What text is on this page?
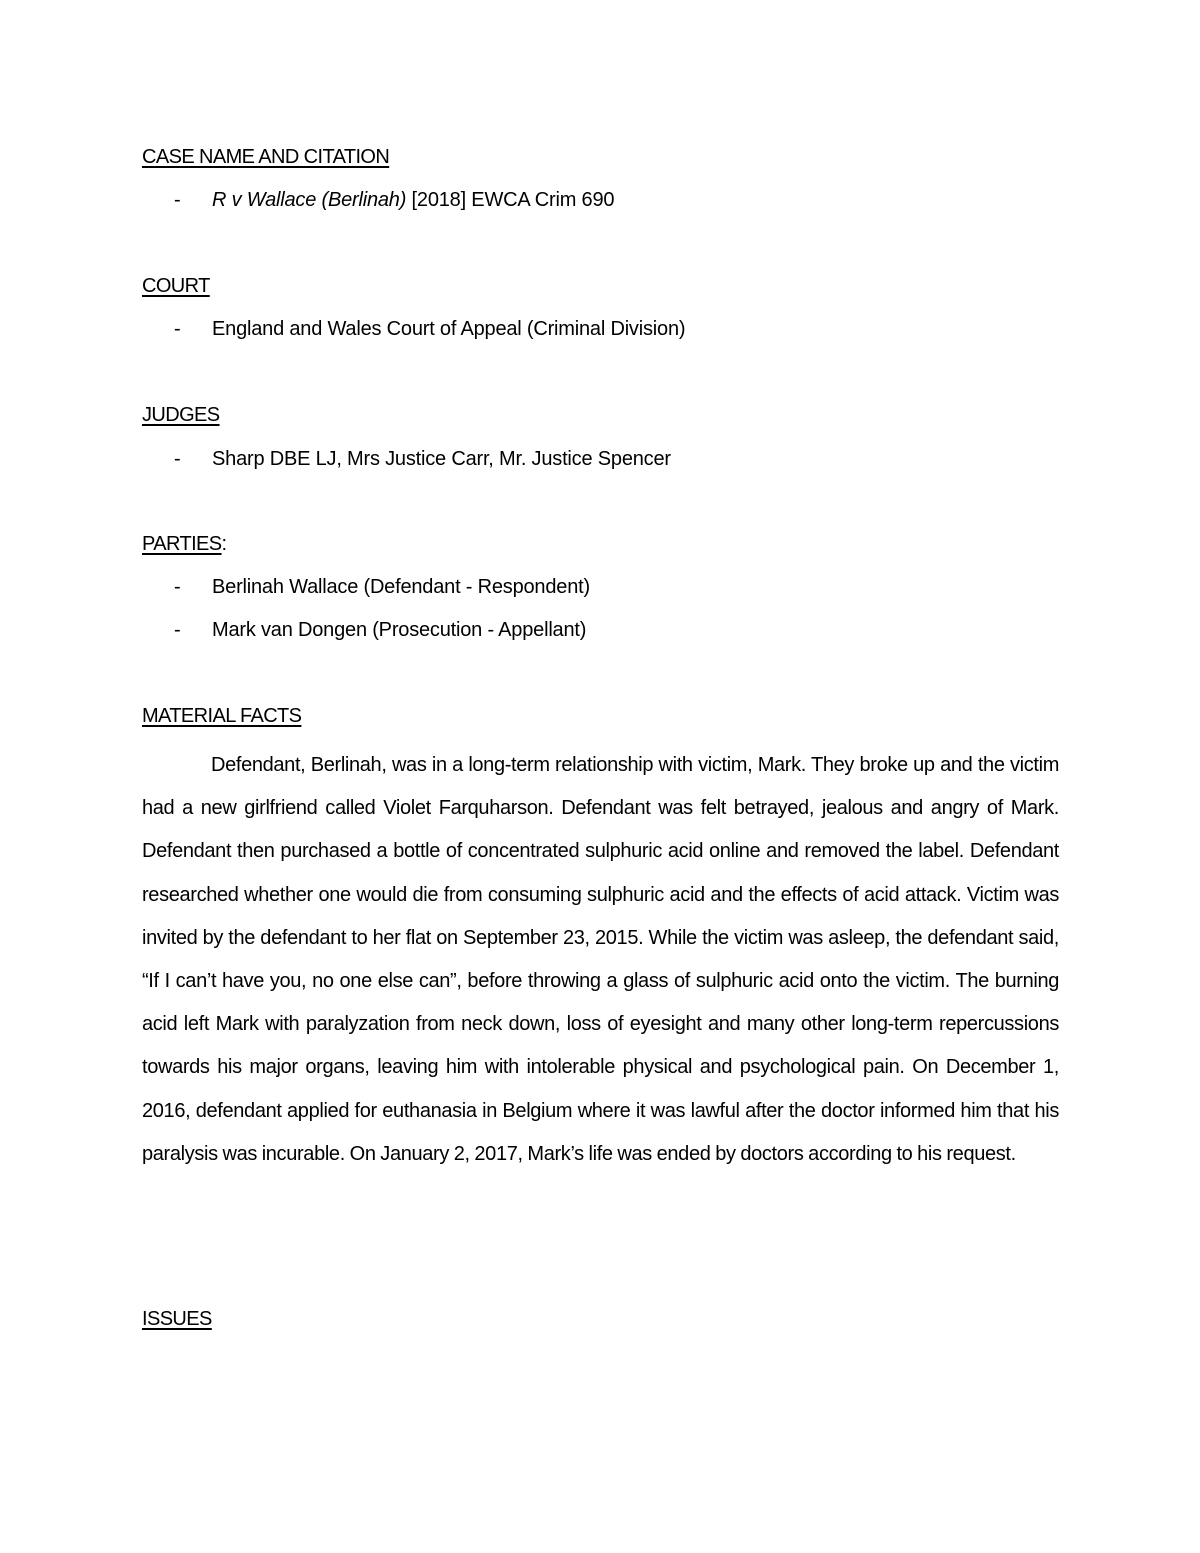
CASE NAME AND CITATION
- R v Wallace (Berlinah) [2018] EWCA Crim 690
COURT
- England and Wales Court of Appeal (Criminal Division)
JUDGES
- Sharp DBE LJ, Mrs Justice Carr, Mr. Justice Spencer
PARTIES:
- Berlinah Wallace (Defendant - Respondent)
- Mark van Dongen (Prosecution - Appellant)
MATERIAL FACTS

Defendant, Berlinah, was in a long-term relationship with victim, Mark. They broke up and the victim had a new girlfriend called Violet Farquharson. Defendant was felt betrayed, jealous and angry of Mark. Defendant then purchased a bottle of concentrated sulphuric acid online and removed the label. Defendant researched whether one would die from consuming sulphuric acid and the effects of acid attack. Victim was invited by the defendant to her flat on September 23, 2015. While the victim was asleep, the defendant said, “If I can’t have you, no one else can”, before throwing a glass of sulphuric acid onto the victim. The burning acid left Mark with paralyzation from neck down, loss of eyesight and many other long-term repercussions towards his major organs, leaving him with intolerable physical and psychological pain. On December 1, 2016, defendant applied for euthanasia in Belgium where it was lawful after the doctor informed him that his paralysis was incurable. On January 2, 2017, Mark’s life was ended by doctors according to his request.

ISSUES
